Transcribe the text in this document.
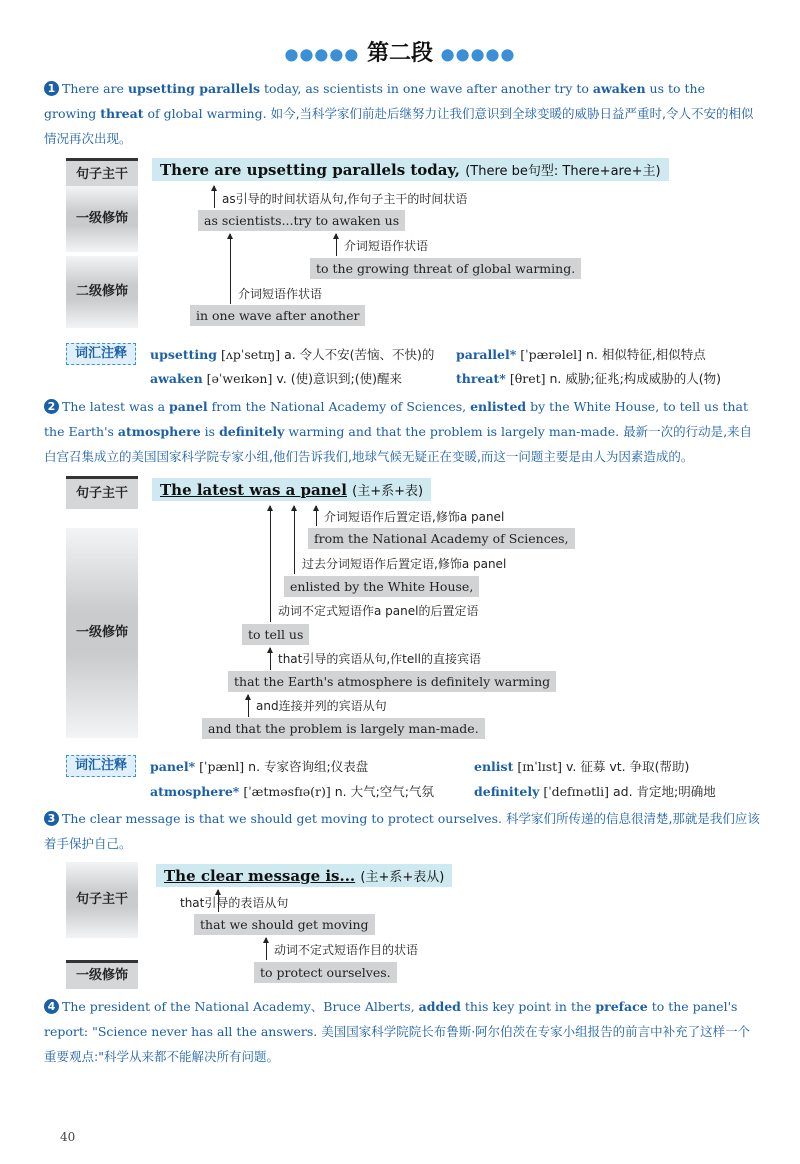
●●●●● 第二段 ●●●●●
1 There are upsetting parallels today, as scientists in one wave after another try to awaken us to the growing threat of global warming. 如今,当科学家们前赴后继努力让我们意识到全球变暖的威胁日益严重时,令人不安的相似情况再次出现。
句子主干
一级修饰
二级修饰
There are upsetting parallels today, (There be句型: There+are+主)
as引导的时间状语从句,作句子主干的时间状语
as scientists...try to awaken us
介词短语作状语
to the growing threat of global warming.
介词短语作状语
in one wave after another
词汇注释	upsetting [ʌpˈsetɪŋ] a. 令人不安(苦恼、不快)的 parallel* [ˈpærəlel] n. 相似特征,相似特点
awaken [əˈweɪkən] v. (使)意识到;(使)醒来	threat* [θret] n. 威胁;征兆;构成威胁的人(物)
2 The latest was a panel from the National Academy of Sciences, enlisted by the White House, to tell us that the Earth's atmosphere is definitely warming and that the problem is largely man-made. 最新一次的行动是,来自白宫召集成立的美国国家科学院专家小组,他们告诉我们,地球气候无疑正在变暖,而这一问题主要是由人为因素造成的。
句子主干
一级修饰
The latest was a panel (主+系+表)
介词短语作后置定语,修饰a panel
from the National Academy of Sciences,
过去分词短语作后置定语,修饰a panel
enlisted by the White House,
动词不定式短语作a panel的后置定语
to tell us
that引导的宾语从句,作tell的直接宾语
that the Earth's atmosphere is definitely warming
and连接并列的宾语从句
and that the problem is largely man-made.
词汇注释	panel* [ˈpænl] n. 专家咨询组;仪表盘	enlist [ɪnˈlɪst] v. 征募 vt. 争取(帮助)
atmosphere* [ˈætməsfɪə(r)] n. 大气;空气;气氛	definitely [ˈdefɪnətli] ad. 肯定地;明确地
3 The clear message is that we should get moving to protect ourselves. 科学家们所传递的信息很清楚,那就是我们应该着手保护自己。
句子主干
一级修饰
The clear message is... (主+系+表从)
that引导的表语从句
that we should get moving
动词不定式短语作目的状语
to protect ourselves.
4 The president of the National Academy、Bruce Alberts, added this key point in the preface to the panel's report: "Science never has all the answers. 美国国家科学院院长布鲁斯·阿尔伯茨在专家小组报告的前言中补充了这样一个重要观点:"科学从来都不能解决所有问题。
40
